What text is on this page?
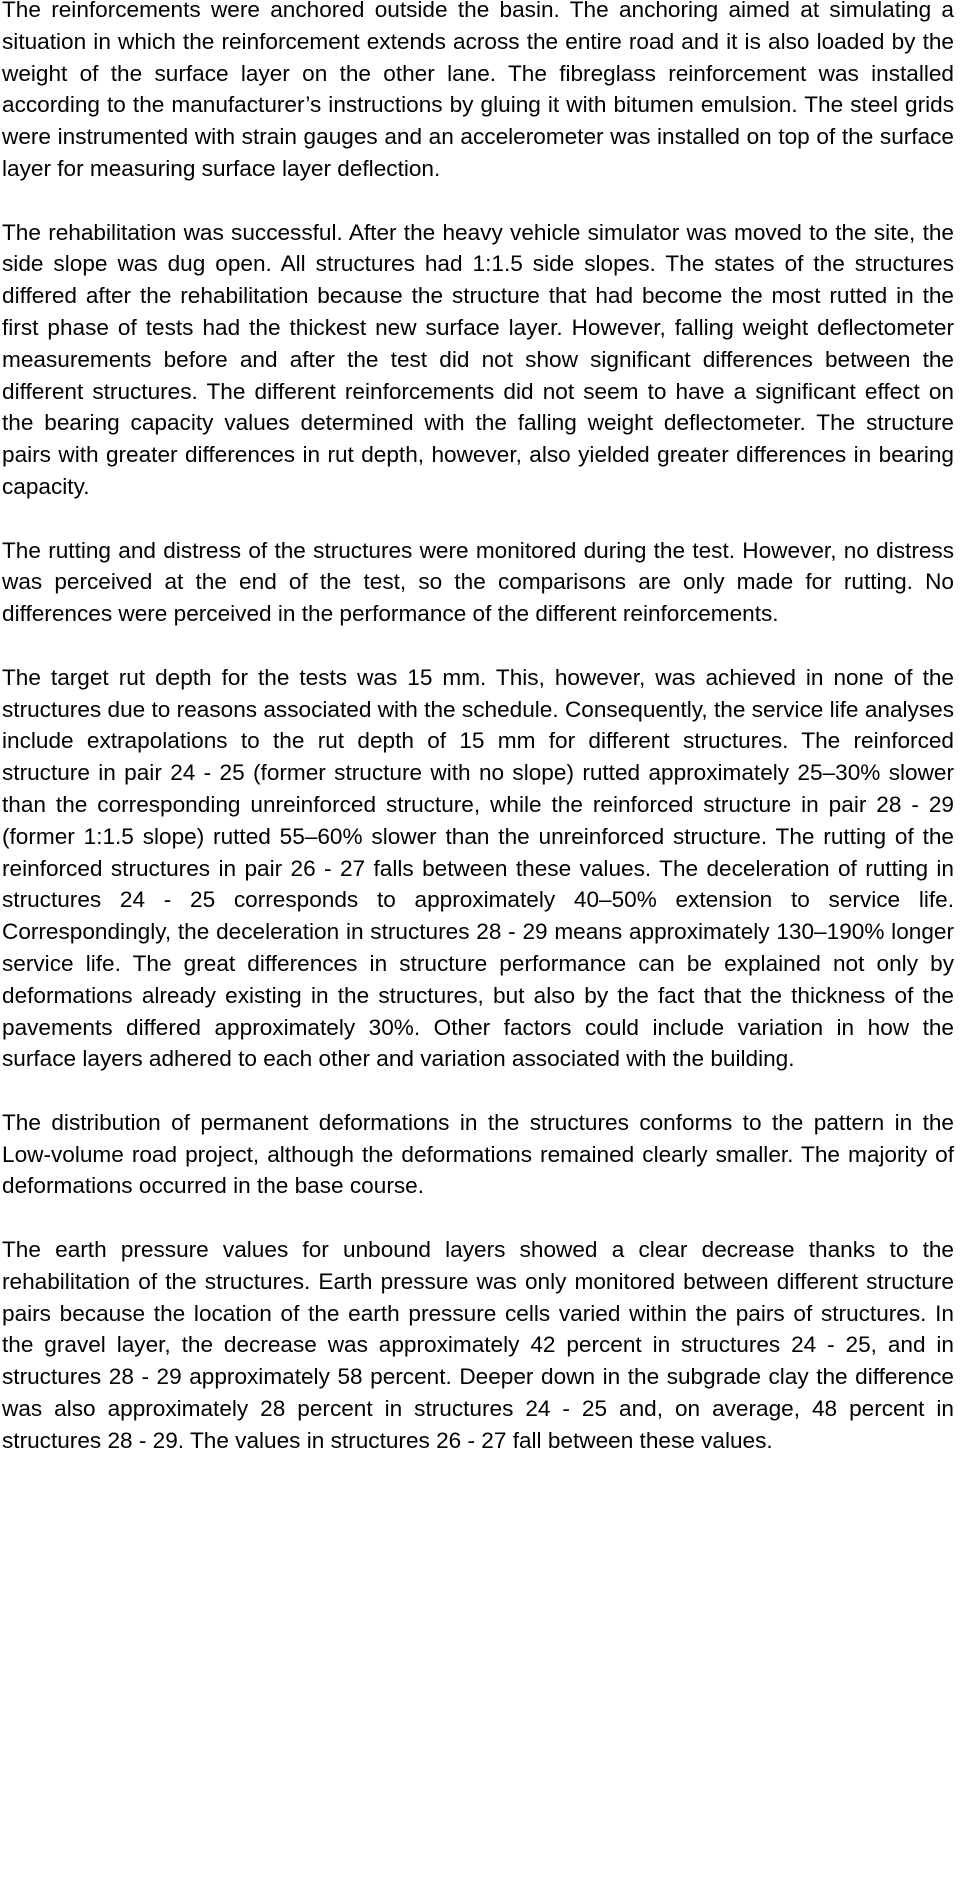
The reinforcements were anchored outside the basin. The anchoring aimed at simulating a situation in which the reinforcement extends across the entire road and it is also loaded by the weight of the surface layer on the other lane. The fibreglass reinforcement was installed according to the manufacturer’s instructions by gluing it with bitumen emulsion. The steel grids were instrumented with strain gauges and an accelerometer was installed on top of the surface layer for measuring surface layer deflection.

The rehabilitation was successful. After the heavy vehicle simulator was moved to the site, the side slope was dug open. All structures had 1:1.5 side slopes. The states of the structures differed after the rehabilitation because the structure that had become the most rutted in the first phase of tests had the thickest new surface layer. However, falling weight deflectometer measurements before and after the test did not show significant differences between the different structures. The different reinforcements did not seem to have a significant effect on the bearing capacity values determined with the falling weight deflectometer. The structure pairs with greater differences in rut depth, however, also yielded greater differences in bearing capacity.

The rutting and distress of the structures were monitored during the test. However, no distress was perceived at the end of the test, so the comparisons are only made for rutting. No differences were perceived in the performance of the different reinforcements.

The target rut depth for the tests was 15 mm. This, however, was achieved in none of the structures due to reasons associated with the schedule. Consequently, the service life analyses include extrapolations to the rut depth of 15 mm for different structures. The reinforced structure in pair 24 - 25 (former structure with no slope) rutted approximately 25–30% slower than the corresponding unreinforced structure, while the reinforced structure in pair 28 - 29 (former 1:1.5 slope) rutted 55–60% slower than the unreinforced structure. The rutting of the reinforced structures in pair 26 - 27 falls between these values. The deceleration of rutting in structures 24 - 25 corresponds to approximately 40–50% extension to service life. Correspondingly, the deceleration in structures 28 - 29 means approximately 130–190% longer service life. The great differences in structure performance can be explained not only by deformations already existing in the structures, but also by the fact that the thickness of the pavements differed approximately 30%. Other factors could include variation in how the surface layers adhered to each other and variation associated with the building.

The distribution of permanent deformations in the structures conforms to the pattern in the Low-volume road project, although the deformations remained clearly smaller. The majority of deformations occurred in the base course.

The earth pressure values for unbound layers showed a clear decrease thanks to the rehabilitation of the structures. Earth pressure was only monitored between different structure pairs because the location of the earth pressure cells varied within the pairs of structures. In the gravel layer, the decrease was approximately 42 percent in structures 24 - 25, and in structures 28 - 29 approximately 58 percent. Deeper down in the subgrade clay the difference was also approximately 28 percent in structures 24 - 25 and, on average, 48 percent in structures 28 - 29. The values in structures 26 - 27 fall between these values.
